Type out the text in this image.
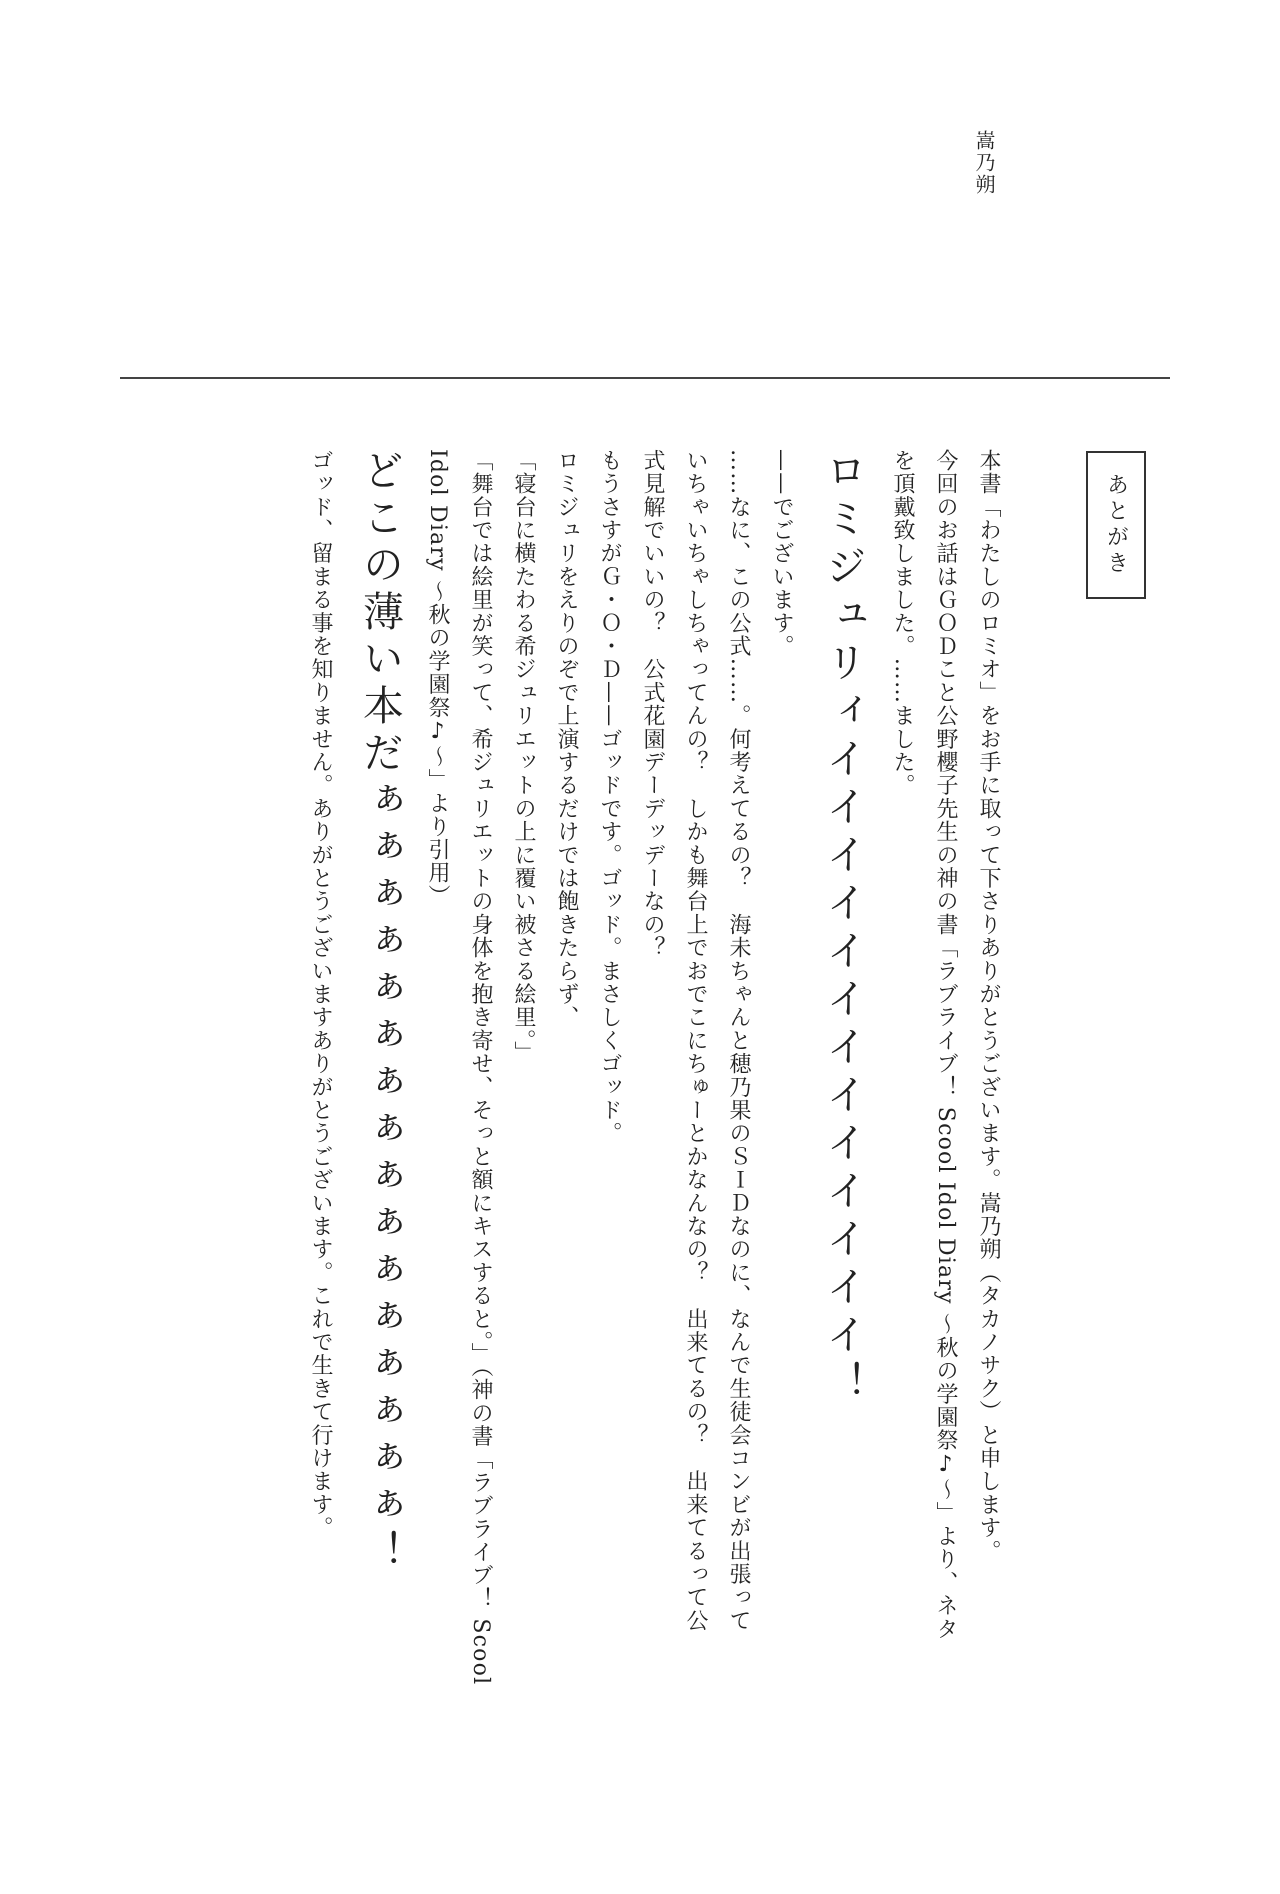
嵩乃朔
あとがき

本書「わたしのロミオ」をお手に取って下さりありがとうございます。嵩乃朔（タカノサク）と申します。

今回のお話はＧＯＤこと公野櫻子先生の神の書「ラブライブ！ Scool Idol Diary ～秋の学園祭♪～」より、ネタ

を頂戴致しました。……ました。

ロミジュリィイイイイイイイイイイイイイ！

——でございます。

……なに、この公式……。何考えてるの？　海未ちゃんと穂乃果のＳＩＤなのに、なんで生徒会コンビが出張って

いちゃいちゃしちゃってんの？　しかも舞台上でおでこにちゅーとかなんなの？　出来てるの？　出来てるって公

式見解でいいの？　公式花園デーデッデーなの？

もうさすがＧ・Ｏ・Ｄ——ゴッドです。ゴッド。まさしくゴッド。

ロミジュリをえりのぞで上演するだけでは飽きたらず、

「寝台に横たわる希ジュリエットの上に覆い被さる絵里。」

「舞台では絵里が笑って、希ジュリエットの身体を抱き寄せ、そっと額にキスすると。」（神の書「ラブライブ！ Scool

Idol Diary ～秋の学園祭♪～」より引用）

どこの薄い本だぁぁぁぁぁぁぁぁぁぁぁぁぁぁぁぁ！

ゴッド、留まる事を知りません。ありがとうございますありがとうございます。これで生きて行けます。
